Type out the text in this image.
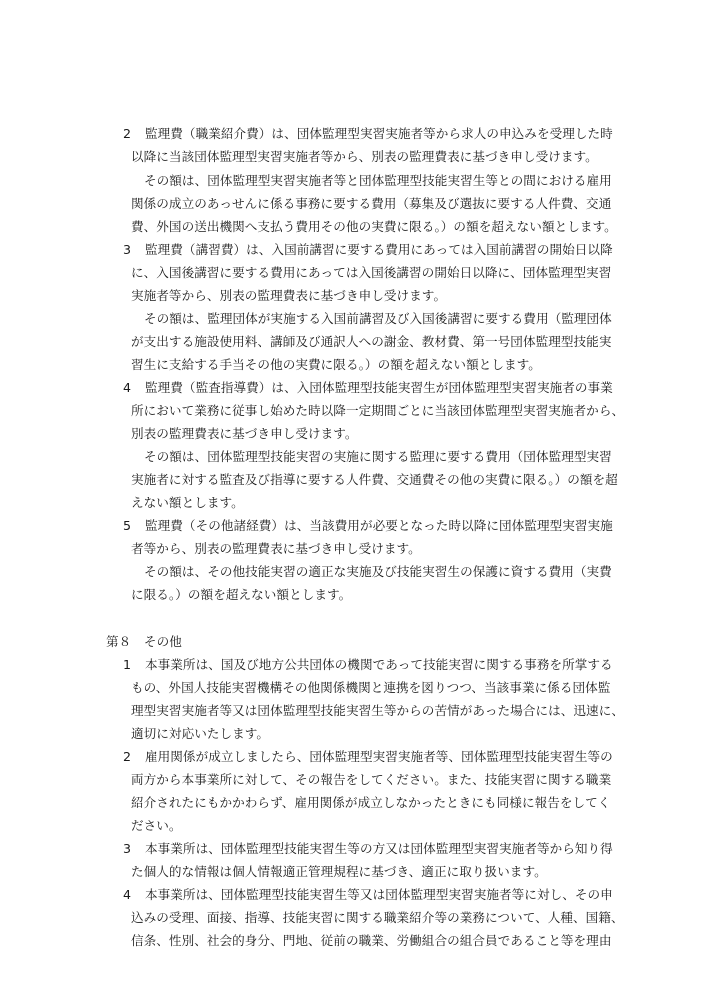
2 監理費（職業紹介費）は、団体監理型実習実施者等から求人の申込みを受理した時
以降に当該団体監理型実習実施者等から、別表の監理費表に基づき申し受けます。
その額は、団体監理型実習実施者等と団体監理型技能実習生等との間における雇用
関係の成立のあっせんに係る事務に要する費用（募集及び選抜に要する人件費、交通
費、外国の送出機関へ支払う費用その他の実費に限る。）の額を超えない額とします。
3 監理費（講習費）は、入国前講習に要する費用にあっては入国前講習の開始日以降
に、入国後講習に要する費用にあっては入国後講習の開始日以降に、団体監理型実習
実施者等から、別表の監理費表に基づき申し受けます。
その額は、監理団体が実施する入国前講習及び入国後講習に要する費用（監理団体
が支出する施設使用料、講師及び通訳人への謝金、教材費、第一号団体監理型技能実
習生に支給する手当その他の実費に限る。）の額を超えない額とします。
4 監理費（監査指導費）は、入団体監理型技能実習生が団体監理型実習実施者の事業
所において業務に従事し始めた時以降一定期間ごとに当該団体監理型実習実施者から、
別表の監理費表に基づき申し受けます。
その額は、団体監理型技能実習の実施に関する監理に要する費用（団体監理型実習
実施者に対する監査及び指導に要する人件費、交通費その他の実費に限る。）の額を超
えない額とします。
5 監理費（その他諸経費）は、当該費用が必要となった時以降に団体監理型実習実施
者等から、別表の監理費表に基づき申し受けます。
その額は、その他技能実習の適正な実施及び技能実習生の保護に資する費用（実費
に限る。）の額を超えない額とします。
第８　その他
1 本事業所は、国及び地方公共団体の機関であって技能実習に関する事務を所掌する
もの、外国人技能実習機構その他関係機関と連携を図りつつ、当該事業に係る団体監
理型実習実施者等又は団体監理型技能実習生等からの苦情があった場合には、迅速に、
適切に対応いたします。
2 雇用関係が成立しましたら、団体監理型実習実施者等、団体監理型技能実習生等の
両方から本事業所に対して、その報告をしてください。また、技能実習に関する職業
紹介されたにもかかわらず、雇用関係が成立しなかったときにも同様に報告をしてく
ださい。
3 本事業所は、団体監理型技能実習生等の方又は団体監理型実習実施者等から知り得
た個人的な情報は個人情報適正管理規程に基づき、適正に取り扱います。
4 本事業所は、団体監理型技能実習生等又は団体監理型実習実施者等に対し、その申
込みの受理、面接、指導、技能実習に関する職業紹介等の業務について、人種、国籍、
信条、性別、社会的身分、門地、従前の職業、労働組合の組合員であること等を理由
